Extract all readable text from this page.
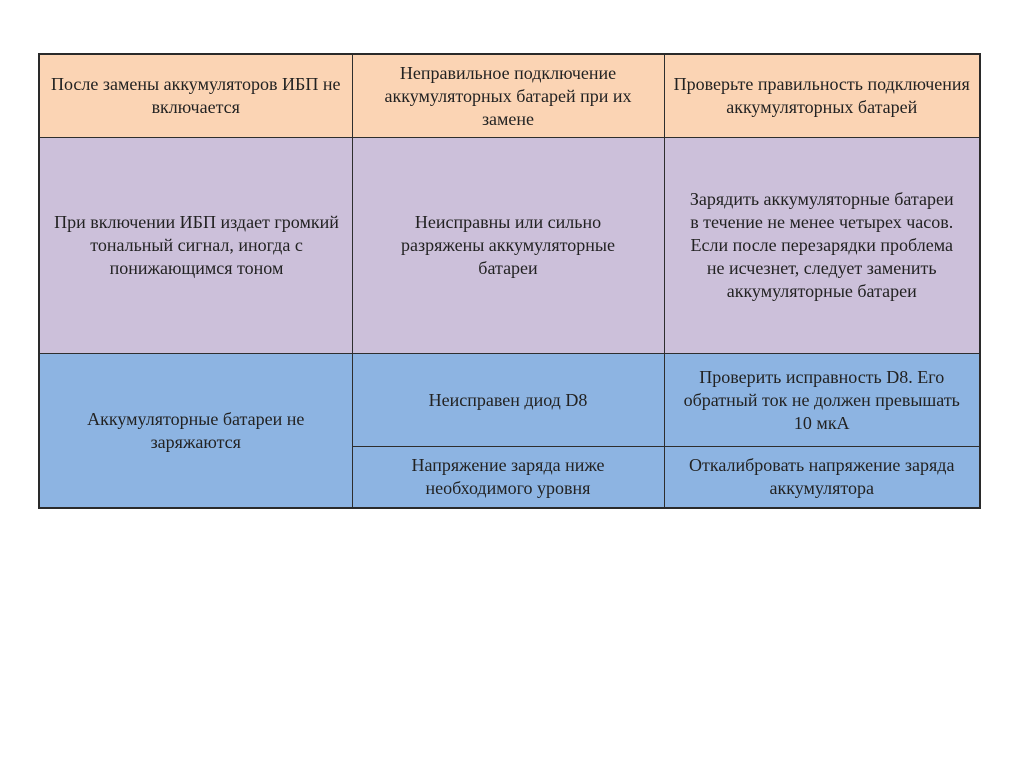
После замены аккумуляторов ИБП не включается	Неправильное подключение аккумуляторных батарей при их замене	Проверьте правильность подключения аккумуляторных батарей
При включении ИБП издает громкий тональный сигнал, иногда с понижающимся тоном	Неисправны или сильно разряжены аккумуляторные батареи	Зарядить аккумуляторные батареи в течение не менее четырех часов. Если после перезарядки проблема не исчезнет, следует заменить аккумуляторные батареи
Аккумуляторные батареи не заряжаются	Неисправен диод D8	Проверить исправность D8. Его обратный ток не должен превышать 10 мкА
	Напряжение заряда ниже необходимого уровня	Откалибровать напряжение заряда аккумулятора
